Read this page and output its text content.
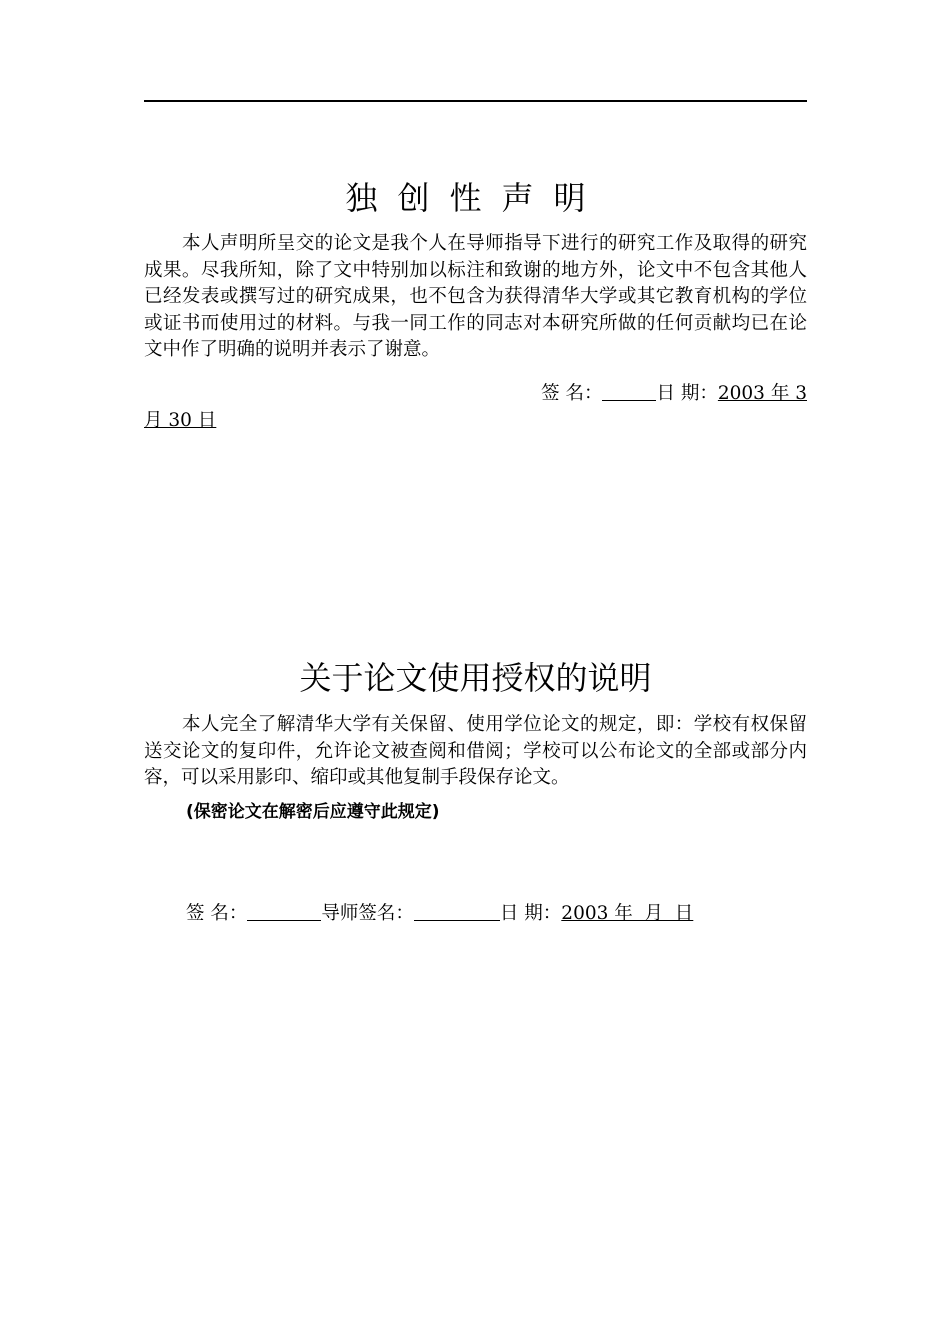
独创性声明
本人声明所呈交的论文是我个人在导师指导下进行的研究工作及取得的研究成果。尽我所知，除了文中特别加以标注和致谢的地方外，论文中不包含其他人已经发表或撰写过的研究成果，也不包含为获得清华大学或其它教育机构的学位或证书而使用过的材料。与我一同工作的同志对本研究所做的任何贡献均已在论文中作了明确的说明并表示了谢意。
签 名：	日 期：2003 年 3
月 30 日
关于论文使用授权的说明
本人完全了解清华大学有关保留、使用学位论文的规定，即：学校有权保留送交论文的复印件，允许论文被查阅和借阅；学校可以公布论文的全部或部分内容，可以采用影印、缩印或其他复制手段保存论文。
(保密论文在解密后应遵守此规定)
签 名：	导师签名：	日 期：2003 年  月  日
